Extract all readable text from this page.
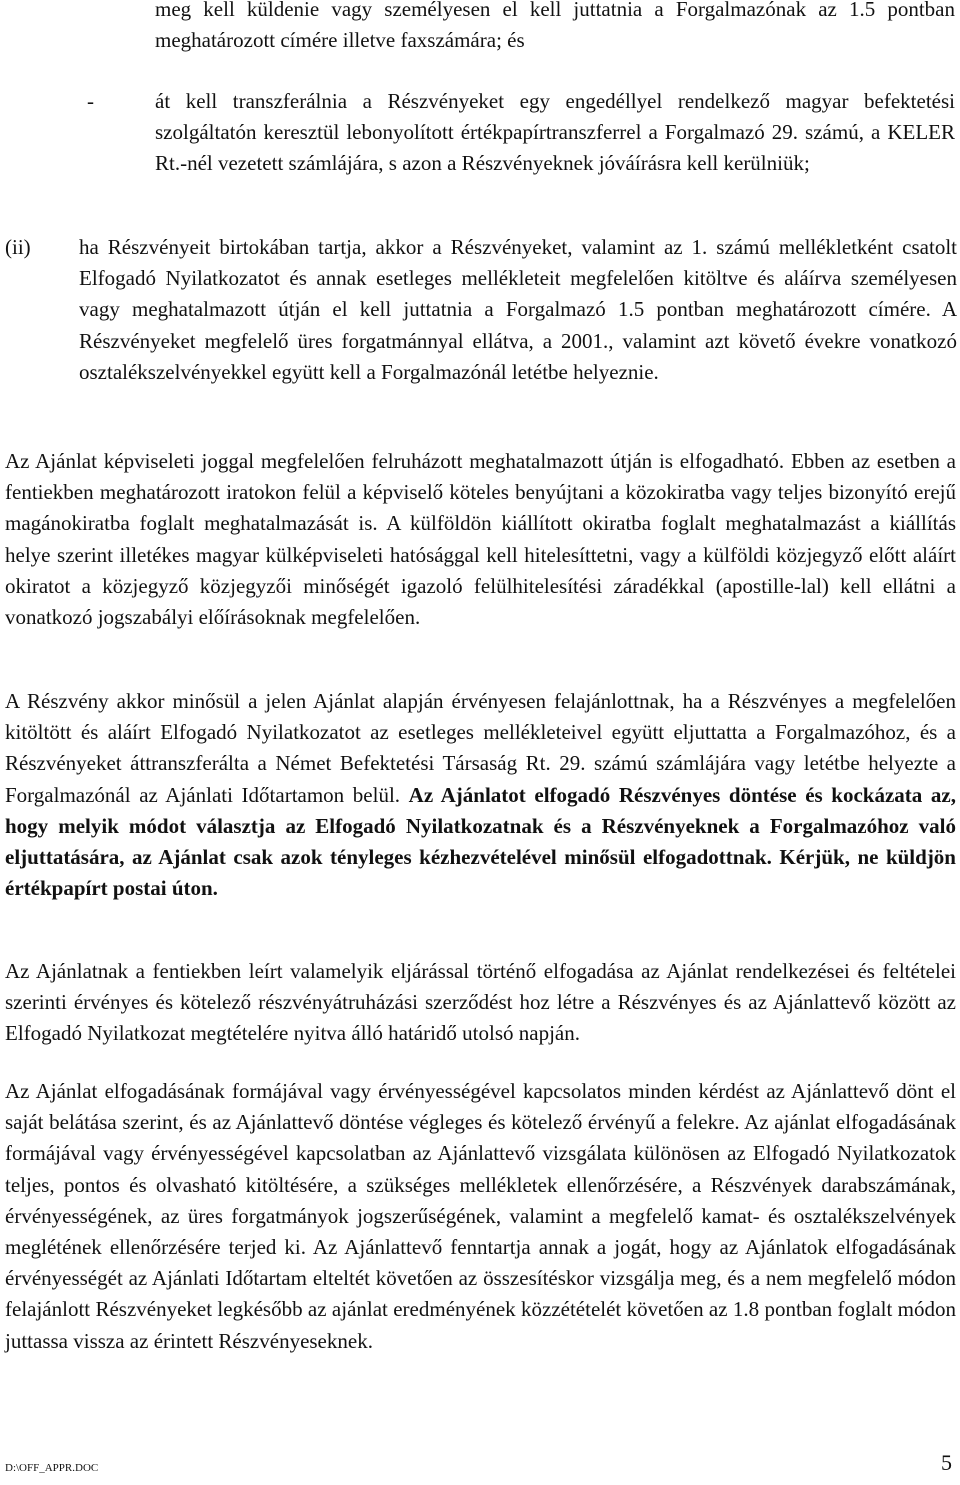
meg kell küldenie vagy személyesen el kell juttatnia a Forgalmazónak az 1.5 pontban meghatározott címére illetve faxszámára; és
-	át kell transzferálnia a Részvényeket egy engedéllyel rendelkező magyar befektetési szolgáltatón keresztül lebonyolított értékpapírtranszferrel a Forgalmazó 29. számú, a KELER Rt.-nél vezetett számlájára, s azon a Részvényeknek jóváírásra kell kerülniük;
(ii) ha Részvényeit birtokában tartja, akkor a Részvényeket, valamint az 1. számú mellékletként csatolt Elfogadó Nyilatkozatot és annak esetleges mellékleteit megfelelően kitöltve és aláírva személyesen vagy meghatalmazott útján el kell juttatnia a Forgalmazó 1.5 pontban meghatározott címére. A Részvényeket megfelelő üres forgatmánnyal ellátva, a 2001., valamint azt követő évekre vonatkozó osztalékszelvényekkel együtt kell a Forgalmazónál letétbe helyeznie.
Az Ajánlat képviseleti joggal megfelelően felruházott meghatalmazott útján is elfogadható. Ebben az esetben a fentiekben meghatározott iratokon felül a képviselő köteles benyújtani a közokiratba vagy teljes bizonyító erejű magánokiratba foglalt meghatalmazását is. A külföldön kiállított okiratba foglalt meghatalmazást a kiállítás helye szerint illetékes magyar külképviseleti hatósággal kell hitelesíttetni, vagy a külföldi közjegyző előtt aláírt okiratot a közjegyző közjegyzői minőségét igazoló felülhitelesítési záradékkal (apostille-lal) kell ellátni a vonatkozó jogszabályi előírásoknak megfelelően.
A Részvény akkor minősül a jelen Ajánlat alapján érvényesen felajánlottnak, ha a Részvényes a megfelelően kitöltött és aláírt Elfogadó Nyilatkozatot az esetleges mellékleteivel együtt eljuttatta a Forgalmazóhoz, és a Részvényeket áttranszferálta a Német Befektetési Társaság Rt. 29. számú számlájára vagy letétbe helyezte a Forgalmazónál az Ajánlati Időtartamon belül. Az Ajánlatot elfogadó Részvényes döntése és kockázata az, hogy melyik módot választja az Elfogadó Nyilatkozatnak és a Részvényeknek a Forgalmazóhoz való eljuttatására, az Ajánlat csak azok tényleges kézhezvételével minősül elfogadottnak. Kérjük, ne küldjön értékpapírt postai úton.
Az Ajánlatnak a fentiekben leírt valamelyik eljárással történő elfogadása az Ajánlat rendelkezései és feltételei szerinti érvényes és kötelező részvényátruházási szerződést hoz létre a Részvényes és az Ajánlattevő között az Elfogadó Nyilatkozat megtételére nyitva álló határidő utolsó napján.
Az Ajánlat elfogadásának formájával vagy érvényességével kapcsolatos minden kérdést az Ajánlattevő dönt el saját belátása szerint, és az Ajánlattevő döntése végleges és kötelező érvényű a felekre. Az ajánlat elfogadásának formájával vagy érvényességével kapcsolatban az Ajánlattevő vizsgálata különösen az Elfogadó Nyilatkozatok teljes, pontos és olvasható kitöltésére, a szükséges mellékletek ellenőrzésére, a Részvények darabszámának, érvényességének, az üres forgatmányok jogszerűségének, valamint a megfelelő kamat- és osztalékszelvények meglétének ellenőrzésére terjed ki. Az Ajánlattevő fenntartja annak a jogát, hogy az Ajánlatok elfogadásának érvényességét az Ajánlati Időtartam elteltét követően az összesítéskor vizsgálja meg, és a nem megfelelő módon felajánlott Részvényeket legkésőbb az ajánlat eredményének közzétételét követően az 1.8 pontban foglalt módon juttassa vissza az érintett Részvényeseknek.
D:\OFF_APPR.DOC	5
